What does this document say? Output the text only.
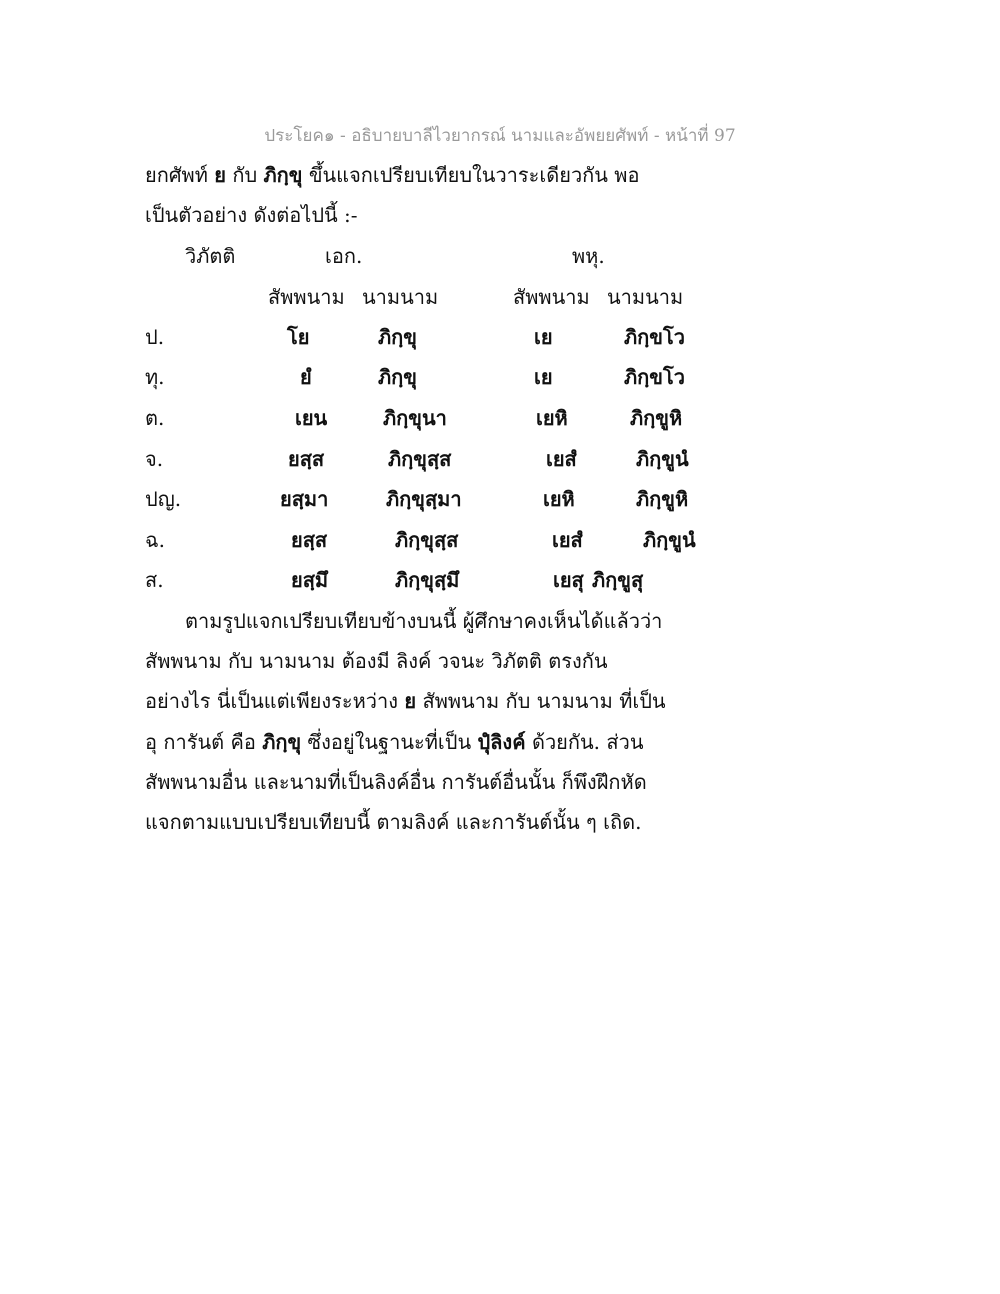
ประโยค๑ - อธิบายบาลีไวยากรณ์ นามและอัพยยศัพท์ - หน้าที่ 97
ยกศัพท์ ย กับ ภิกฺขุ ขึ้นแจกเปรียบเทียบในวาระเดียวกัน พอ
เป็นตัวอย่าง ดังต่อไปนี้ :-
วิภัตติ	เอก.	พหุ.
สัพพนาม นามนาม	สัพพนาม นามนาม
ป.	โย	ภิกฺขุ	เย	ภิกฺขโว
ทุ.	ยํ	ภิกฺขุ	เย	ภิกฺขโว
ต.	เยน	ภิกฺขุนา	เยหิ	ภิกฺขูหิ
จ.	ยสฺส	ภิกฺขุสฺส	เยสํ	ภิกฺขูนํ
ปญ.	ยสฺมา	ภิกฺขุสฺมา	เยหิ	ภิกฺขูหิ
ฉ.	ยสฺส	ภิกฺขุสฺส	เยสํ	ภิกฺขูนํ
ส.	ยสฺมึ	ภิกฺขุสฺมึ	เยสุ ภิกฺขูสุ
ตามรูปแจกเปรียบเทียบข้างบนนี้ ผู้ศึกษาคงเห็นได้แล้วว่า
สัพพนาม กับ นามนาม ต้องมี ลิงค์ วจนะ วิภัตติ ตรงกัน
อย่างไร นี่เป็นแต่เพียงระหว่าง ย สัพพนาม กับ นามนาม ที่เป็น
อุ การันต์ คือ ภิกฺขุ ซึ่งอยู่ในฐานะที่เป็น ปุํลิงค์ ด้วยกัน. ส่วน
สัพพนามอื่น และนามที่เป็นลิงค์อื่น การันต์อื่นนั้น ก็พึงฝึกหัด
แจกตามแบบเปรียบเทียบนี้ ตามลิงค์ และการันต์นั้น ๆ เถิด.
